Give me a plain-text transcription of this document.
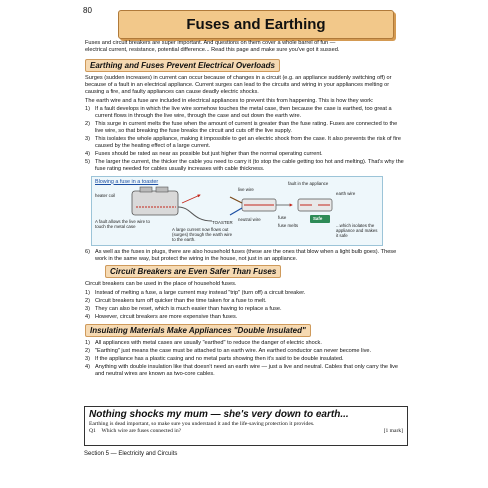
80
Fuses and Earthing

Fuses and circuit breakers are super important. And questions on them cover a whole barrel of fun —
electrical current, resistance, potential difference... Read this page and make sure you've got it sussed.

Earthing and Fuses Prevent Electrical Overloads

Surges (sudden increases) in current can occur because of changes in a circuit (e.g. an appliance suddenly switching off) or because of a fault in an electrical appliance. Current surges can lead to the circuits and wiring in your appliances melting or causing a fire, and faulty appliances can cause deadly electric shocks.

The earth wire and a fuse are included in electrical appliances to prevent this from happening. This is how they work:

1) If a fault develops in which the live wire somehow touches the metal case, then because the case is earthed, too great a current flows in through the live wire, through the case and out down the earth wire.
2) This surge in current melts the fuse when the amount of current is greater than the fuse rating. Fuses are connected to the live wire, so that breaking the fuse breaks the circuit and cuts off the live supply.
3) This isolates the whole appliance, making it impossible to get an electric shock from the case. It also prevents the risk of fire caused by the heating effect of a large current.
4) Fuses should be rated as near as possible but just higher than the normal operating current.
5) The larger the current, the thicker the cable you need to carry it (to stop the cable getting too hot and melting). That's why the fuse rating needed for cables usually increases with cable thickness.
Blowing a fuse in a toaster
TOASTER
heater coil
A fault allows the live wire to touch the metal case
A large current now flows out (surges) through the earth wire to the earth.
fault in the appliance
earth wire
live wire
neutral wire	fuse	Safe
fuse melts	...which isolates the appliance and makes it safe
6) As well as the fuses in plugs, there are also household fuses (these are the ones that blow when a light bulb goes). These work in the same way, but protect the wiring in the house, not just in an appliance.
Circuit Breakers are Even Safer Than Fuses

Circuit breakers can be used in the place of household fuses.

1) Instead of melting a fuse, a large current may instead "trip" (turn off) a circuit breaker.
2) Circuit breakers turn off quicker than the time taken for a fuse to melt.
3) They can also be reset, which is much easier than having to replace a fuse.
4) However, circuit breakers are more expensive than fuses.
Insulating Materials Make Appliances "Double Insulated"
1) All appliances with metal cases are usually "earthed" to reduce the danger of electric shock.
2) "Earthing" just means the case must be attached to an earth wire. An earthed conductor can never become live.
3) If the appliance has a plastic casing and no metal parts showing then it's said to be double insulated.
4) Anything with double insulation like that doesn't need an earth wire — just a live and neutral. Cables that only carry the live and neutral wires are known as two-core cables.
Nothing shocks my mum — she's very down to earth...
Earthing is dead important, so make sure you understand it and the life-saving protection it provides.
Q1 Which wire are fuses connected in?	[1 mark]
Section 5 — Electricity and Circuits
